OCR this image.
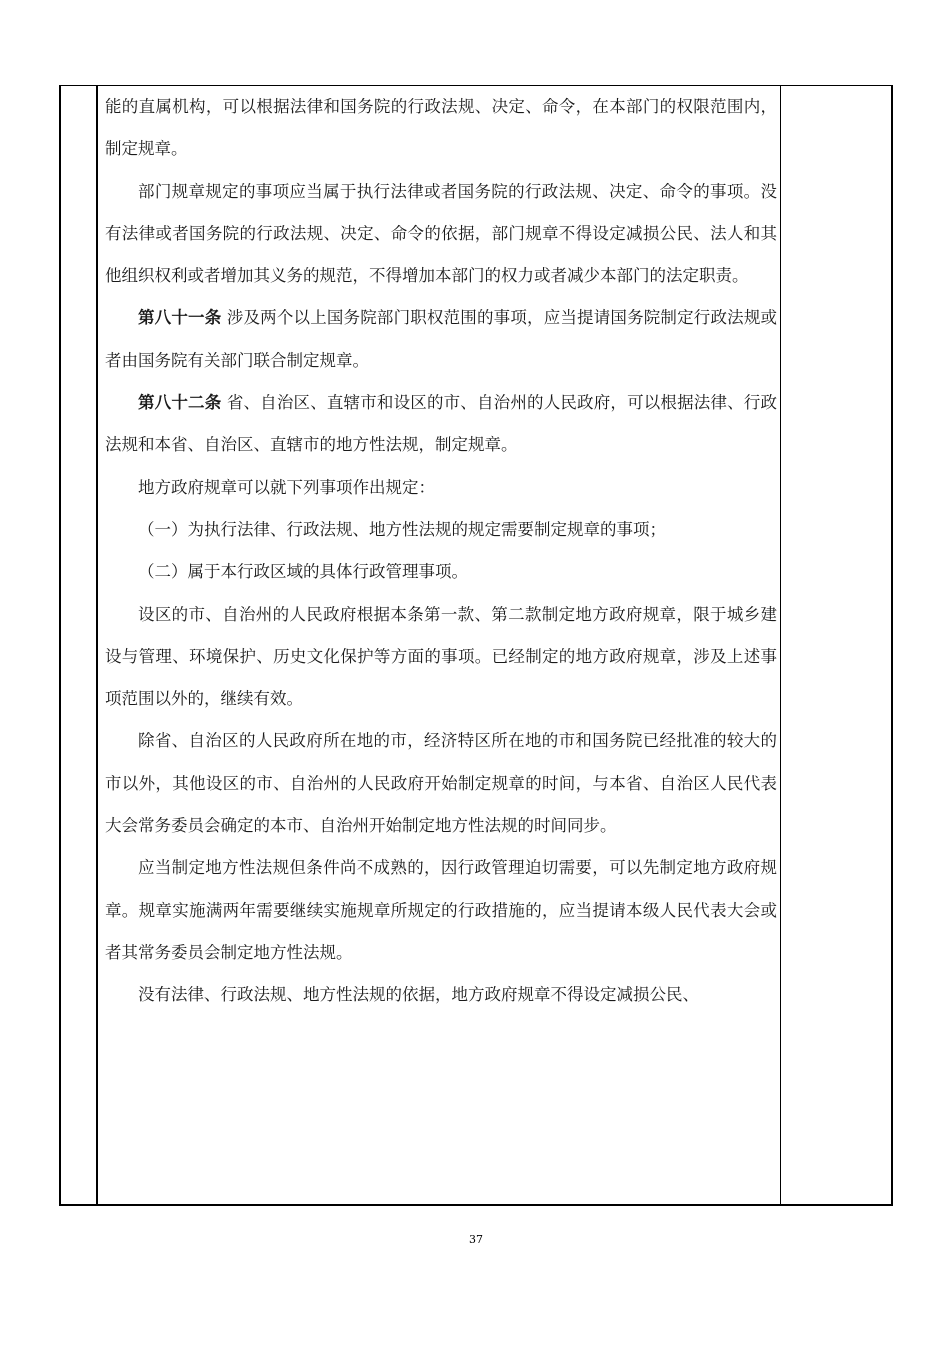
能的直属机构，可以根据法律和国务院的行政法规、决定、命令，在本部门的权限范围内，制定规章。

部门规章规定的事项应当属于执行法律或者国务院的行政法规、决定、命令的事项。没有法律或者国务院的行政法规、决定、命令的依据，部门规章不得设定减损公民、法人和其他组织权利或者增加其义务的规范，不得增加本部门的权力或者减少本部门的法定职责。

第八十一条 涉及两个以上国务院部门职权范围的事项，应当提请国务院制定行政法规或者由国务院有关部门联合制定规章。

第八十二条 省、自治区、直辖市和设区的市、自治州的人民政府，可以根据法律、行政法规和本省、自治区、直辖市的地方性法规，制定规章。

地方政府规章可以就下列事项作出规定：

（一）为执行法律、行政法规、地方性法规的规定需要制定规章的事项；

（二）属于本行政区域的具体行政管理事项。

设区的市、自治州的人民政府根据本条第一款、第二款制定地方政府规章，限于城乡建设与管理、环境保护、历史文化保护等方面的事项。已经制定的地方政府规章，涉及上述事项范围以外的，继续有效。

除省、自治区的人民政府所在地的市，经济特区所在地的市和国务院已经批准的较大的市以外，其他设区的市、自治州的人民政府开始制定规章的时间，与本省、自治区人民代表大会常务委员会确定的本市、自治州开始制定地方性法规的时间同步。

应当制定地方性法规但条件尚不成熟的，因行政管理迫切需要，可以先制定地方政府规章。规章实施满两年需要继续实施规章所规定的行政措施的，应当提请本级人民代表大会或者其常务委员会制定地方性法规。

没有法律、行政法规、地方性法规的依据，地方政府规章不得设定减损公民、

37
